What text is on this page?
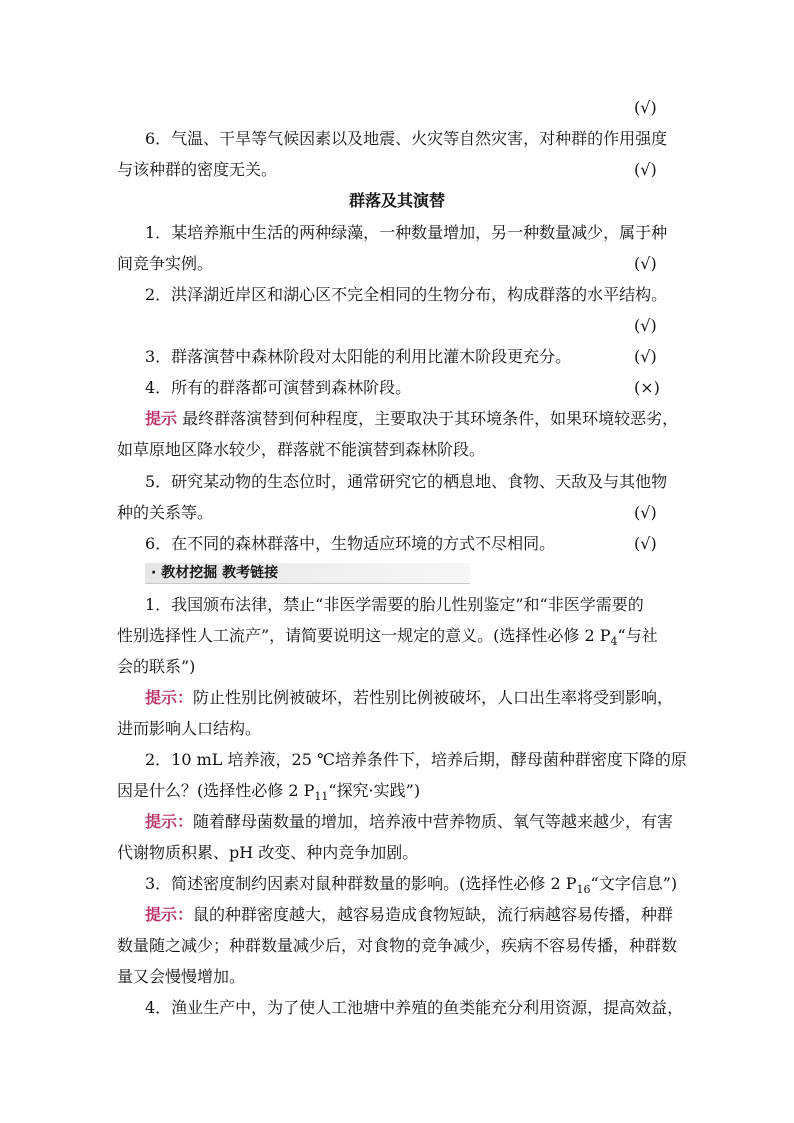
(√)
6．气温、干旱等气候因素以及地震、火灾等自然灾害，对种群的作用强度
与该种群的密度无关。	(√)
群落及其演替
1．某培养瓶中生活的两种绿藻，一种数量增加，另一种数量减少，属于种
间竞争实例。	(√)
2．洪泽湖近岸区和湖心区不完全相同的生物分布，构成群落的水平结构。
(√)
3．群落演替中森林阶段对太阳能的利用比灌木阶段更充分。	(√)
4．所有的群落都可演替到森林阶段。	(×)
提示 最终群落演替到何种程度，主要取决于其环境条件，如果环境较恶劣，
如草原地区降水较少，群落就不能演替到森林阶段。
5．研究某动物的生态位时，通常研究它的栖息地、食物、天敌及与其他物
种的关系等。	(√)
6．在不同的森林群落中，生物适应环境的方式不尽相同。	(√)
· 教材挖掘 教考链接
1．我国颁布法律，禁止“非医学需要的胎儿性别鉴定”和“非医学需要的
性别选择性人工流产”，请简要说明这一规定的意义。(选择性必修 2 $P_4“$与社
会的联系”)
提示：防止性别比例被破坏，若性别比例被破坏，人口出生率将受到影响，
进而影响人口结构。
2．10 mL 培养液，25 ℃培养条件下，培养后期，酵母菌种群密度下降的原
因是什么？(选择性必修 2 $P_{11}“$探究·实践”)
提示：随着酵母菌数量的增加，培养液中营养物质、氧气等越来越少，有害
代谢物质积累、pH 改变、种内竞争加剧。
3．简述密度制约因素对鼠种群数量的影响。(选择性必修 2 $P_{16}“$文字信息”)
提示：鼠的种群密度越大，越容易造成食物短缺，流行病越容易传播，种群
数量随之减少；种群数量减少后，对食物的竞争减少，疾病不容易传播，种群数
量又会慢慢增加。
4．渔业生产中，为了使人工池塘中养殖的鱼类能充分利用资源，提高效益，
